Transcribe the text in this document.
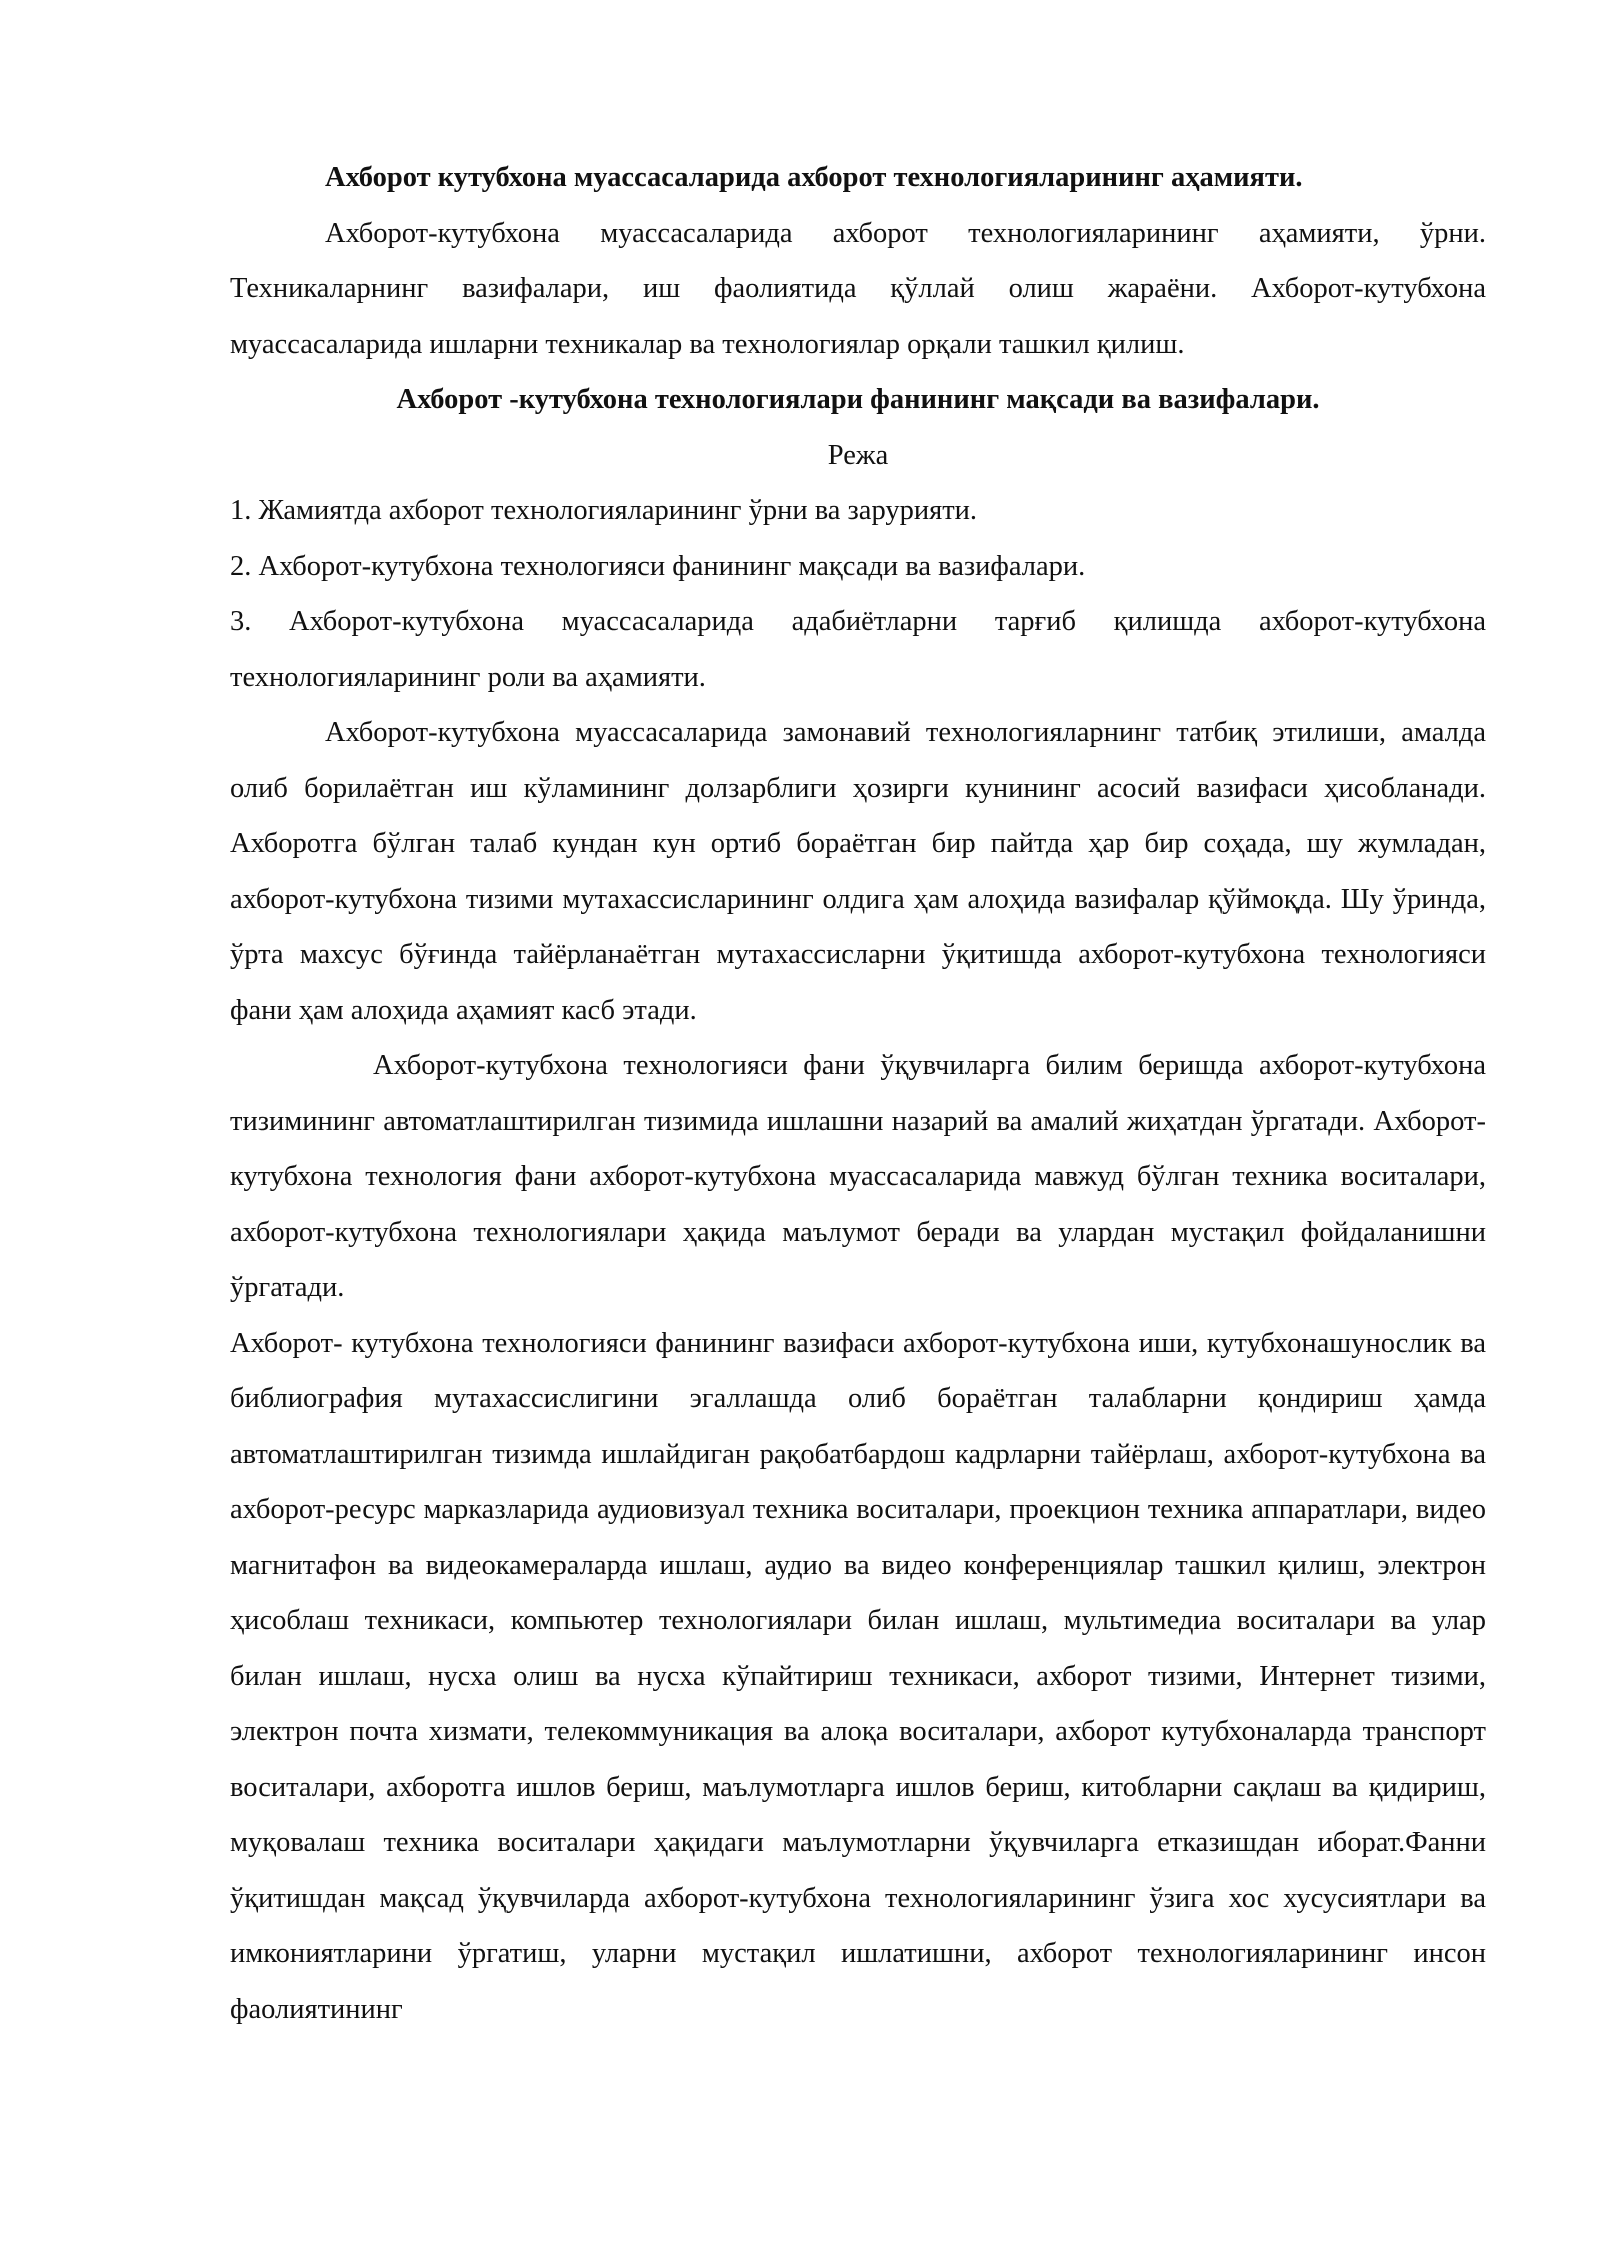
Ахборот кутубхона муассасаларида ахборот технологияларининг аҳамияти.

Ахборот-кутубхона муассасаларида ахборот технологияларининг аҳамияти, ўрни. Техникаларнинг вазифалари, иш фаолиятида қўллай олиш жараёни. Ахборот-кутубхона муассасаларида ишларни техникалар ва технологиялар орқали ташкил қилиш.

Ахборот -кутубхона технологиялари фанининг мақсади ва вазифалари.

Режа

1. Жамиятда ахборот технологияларининг ўрни ва зарурияти.

2. Ахборот-кутубхона технологияси фанининг мақсади ва вазифалари.

3. Ахборот-кутубхона муассасаларида адабиётларни тарғиб қилишда ахборот-кутубхона технологияларининг роли ва аҳамияти.

Ахборот-кутубхона муассасаларида замонавий технологияларнинг татбиқ этилиши, амалда олиб борилаётган иш кўламининг долзарблиги ҳозирги кунининг асосий вазифаси ҳисобланади. Ахборотга бўлган талаб кундан кун ортиб бораётган бир пайтда ҳар бир соҳада, шу жумладан, ахборот-кутубхона тизими мутахассисларининг олдига ҳам алоҳида вазифалар қўймоқда. Шу ўринда, ўрта махсус бўғинда тайёрланаётган мутахассисларни ўқитишда ахборот-кутубхона технологияси фани ҳам алоҳида аҳамият касб этади.

Ахборот-кутубхона технологияси фани ўқувчиларга билим беришда ахборот-кутубхона тизимининг автоматлаштирилган тизимида ишлашни назарий ва амалий жиҳатдан ўргатади. Ахборот-кутубхона технология фани ахборот-кутубхона муассасаларида мавжуд бўлган техника воситалари, ахборот-кутубхона технологиялари ҳақида маълумот беради ва улардан мустақил фойдаланишни ўргатади.

Ахборот- кутубхона технологияси фанининг вазифаси ахборот-кутубхона иши, кутубхонашунослик ва библиография мутахассислигини эгаллашда олиб бораётган талабларни қондириш ҳамда автоматлаштирилган тизимда ишлайдиган рақобатбардош кадрларни тайёрлаш, ахборот-кутубхона ва ахборот-ресурс марказларида аудиовизуал техника воситалари, проекцион техника аппаратлари, видео магнитафон ва видеокамераларда ишлаш, аудио ва видео конференциялар ташкил қилиш, электрон ҳисоблаш техникаси, компьютер технологиялари билан ишлаш, мультимедиа воситалари ва улар билан ишлаш, нусха олиш ва нусха кўпайтириш техникаси, ахборот тизими, Интернет тизими, электрон почта хизмати, телекоммуникация ва алоқа воситалари, ахборот кутубхоналарда транспорт воситалари, ахборотга ишлов бериш, маълумотларга ишлов бериш, китобларни сақлаш ва қидириш, муқовалаш техника воситалари ҳақидаги маълумотларни ўқувчиларга етказишдан иборат.Фанни ўқитишдан мақсад ўқувчиларда ахборот-кутубхона технологияларининг ўзига хос хусусиятлари ва имкониятларини ўргатиш, уларни мустақил ишлатишни, ахборот технологияларининг инсон фаолиятининг
